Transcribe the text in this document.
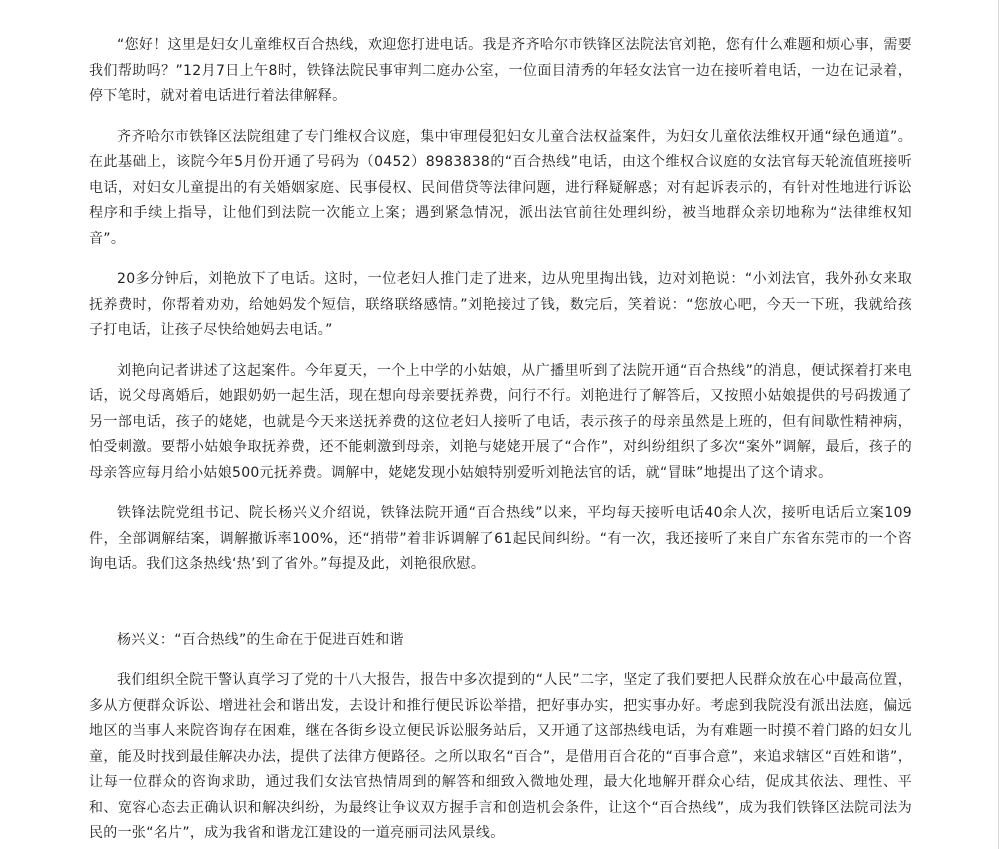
“您好！这里是妇女儿童维权百合热线，欢迎您打进电话。我是齐齐哈尔市铁锋区法院法官刘艳，您有什么难题和烦心事，需要我们帮助吗？”12月7日上午8时，铁锋法院民事审判二庭办公室，一位面目清秀的年轻女法官一边在接听着电话，一边在记录着，停下笔时，就对着电话进行着法律解释。

齐齐哈尔市铁锋区法院组建了专门维权合议庭，集中审理侵犯妇女儿童合法权益案件，为妇女儿童依法维权开通“绿色通道”。在此基础上，该院今年5月份开通了号码为（0452）8983838的“百合热线”电话，由这个维权合议庭的女法官每天轮流值班接听电话，对妇女儿童提出的有关婚姻家庭、民事侵权、民间借贷等法律问题，进行释疑解惑；对有起诉表示的，有针对性地进行诉讼程序和手续上指导，让他们到法院一次能立上案；遇到紧急情况，派出法官前往处理纠纷，被当地群众亲切地称为“法律维权知音”。

20多分钟后，刘艳放下了电话。这时，一位老妇人推门走了进来，边从兜里掏出钱，边对刘艳说：“小刘法官，我外孙女来取抚养费时，你帮着劝劝，给她妈发个短信，联络联络感情。”刘艳接过了钱，数完后，笑着说：“您放心吧，今天一下班，我就给孩子打电话，让孩子尽快给她妈去电话。”

刘艳向记者讲述了这起案件。今年夏天，一个上中学的小姑娘，从广播里听到了法院开通“百合热线”的消息，便试探着打来电话，说父母离婚后，她跟奶奶一起生活，现在想向母亲要抚养费，问行不行。刘艳进行了解答后，又按照小姑娘提供的号码拨通了另一部电话，孩子的姥姥，也就是今天来送抚养费的这位老妇人接听了电话，表示孩子的母亲虽然是上班的，但有间歇性精神病，怕受刺激。要帮小姑娘争取抚养费，还不能刺激到母亲，刘艳与姥姥开展了“合作”，对纠纷组织了多次“案外”调解，最后，孩子的母亲答应每月给小姑娘500元抚养费。调解中，姥姥发现小姑娘特别爱听刘艳法官的话，就“冒昧”地提出了这个请求。

铁锋法院党组书记、院长杨兴义介绍说，铁锋法院开通“百合热线”以来，平均每天接听电话40余人次，接听电话后立案109件，全部调解结案，调解撤诉率100%，还“捎带”着非诉调解了61起民间纠纷。“有一次，我还接听了来自广东省东莞市的一个咨询电话。我们这条热线‘热’到了省外。”每提及此，刘艳很欣慰。

杨兴义：“百合热线”的生命在于促进百姓和谐

我们组织全院干警认真学习了党的十八大报告，报告中多次提到的“人民”二字，坚定了我们要把人民群众放在心中最高位置，多从方便群众诉讼、增进社会和谐出发，去设计和推行便民诉讼举措，把好事办实，把实事办好。考虑到我院没有派出法庭，偏远地区的当事人来院咨询存在困难，继在各街乡设立便民诉讼服务站后，又开通了这部热线电话，为有难题一时摸不着门路的妇女儿童，能及时找到最佳解决办法，提供了法律方便路径。之所以取名“百合”，是借用百合花的“百事合意”，来追求辖区“百姓和谐”，让每一位群众的咨询求助，通过我们女法官热情周到的解答和细致入微地处理，最大化地解开群众心结，促成其依法、理性、平和、宽容心态去正确认识和解决纠纷，为最终让争议双方握手言和创造机会条件，让这个“百合热线”，成为我们铁锋区法院司法为民的一张“名片”，成为我省和谐龙江建设的一道亮丽司法风景线。
